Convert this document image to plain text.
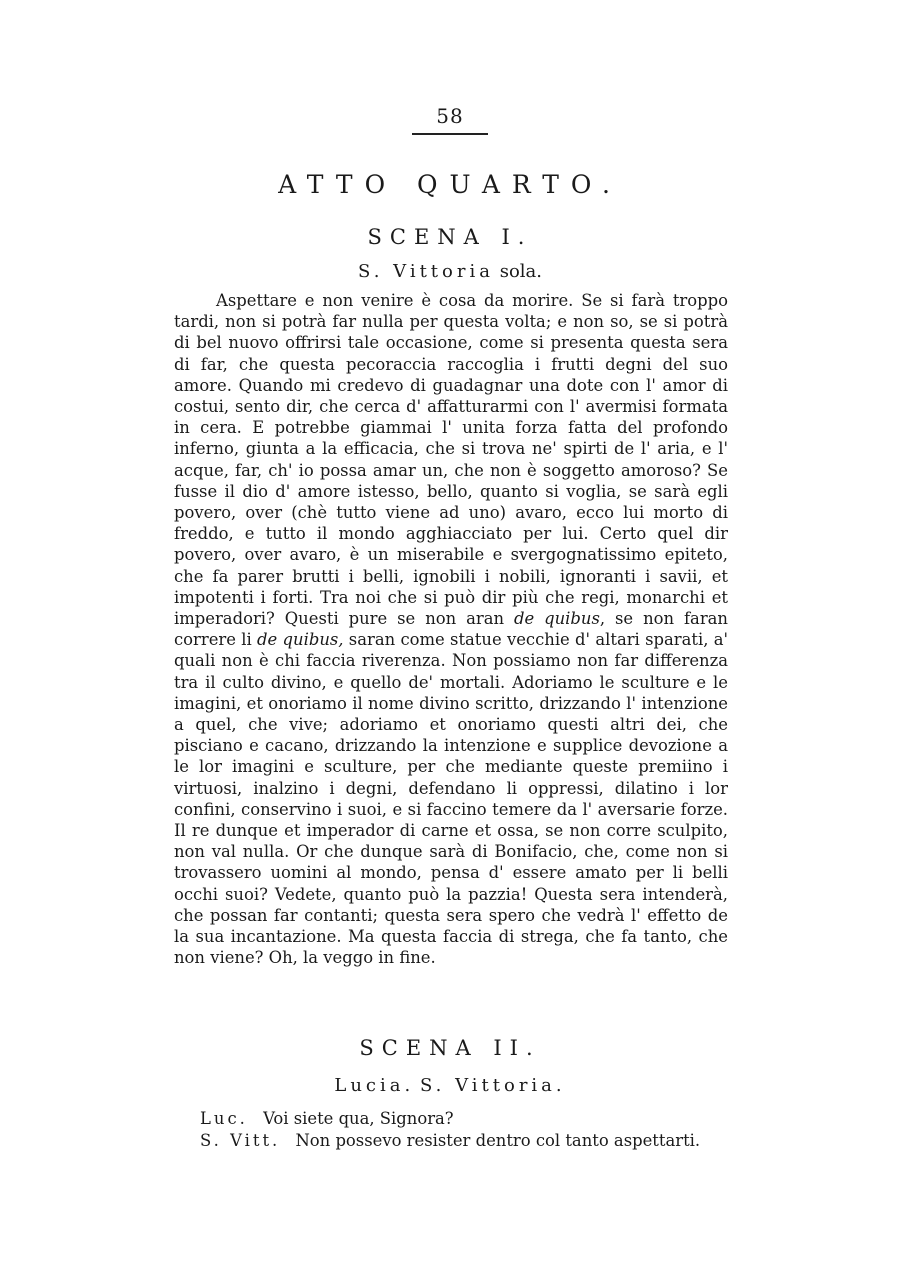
58
ATTO QUARTO.
SCENA I.
S. Vittoria sola.

Aspettare e non venire è cosa da morire. Se si farà troppo tardi, non si potrà far nulla per questa volta; e non so, se si potrà di bel nuovo offrirsi tale occasione, come si presenta questa sera di far, che questa pecoraccia raccoglia i frutti degni del suo amore. Quando mi credevo di guadagnar una dote con l' amor di costui, sento dir, che cerca d' affatturarmi con l' avermisi formata in cera. E potrebbe giammai l' unita forza fatta del profondo inferno, giunta a la efficacia, che si trova ne' spirti de l' aria, e l' acque, far, ch' io possa amar un, che non è soggetto amoroso? Se fusse il dio d' amore istesso, bello, quanto si voglia, se sarà egli povero, over (chè tutto viene ad uno) avaro, ecco lui morto di freddo, e tutto il mondo agghiacciato per lui. Certo quel dir povero, over avaro, è un miserabile e svergognatissimo epiteto, che fa parer brutti i belli, ignobili i nobili, ignoranti i savii, et impotenti i forti. Tra noi che si può dir più che regi, monarchi et imperadori? Questi pure se non aran de quibus, se non faran correre li de quibus, saran come statue vecchie d' altari sparati, a' quali non è chi faccia riverenza. Non possiamo non far differenza tra il culto divino, e quello de' mortali. Adoriamo le sculture e le imagini, et onoriamo il nome divino scritto, drizzando l' intenzione a quel, che vive; adoriamo et onoriamo questi altri dei, che pisciano e cacano, drizzando la intenzione e supplice devozione a le lor imagini e sculture, per che mediante queste premiino i virtuosi, inalzino i degni, defendano li oppressi, dilatino i lor confini, conservino i suoi, e si faccino temere da l' aversarie forze. Il re dunque et imperador di carne et ossa, se non corre sculpito, non val nulla. Or che dunque sarà di Bonifacio, che, come non si trovassero uomini al mondo, pensa d' essere amato per li belli occhi suoi? Vedete, quanto può la pazzia! Questa sera intenderà, che possan far contanti; questa sera spero che vedrà l' effetto de la sua incantazione. Ma questa faccia di strega, che fa tanto, che non viene? Oh, la veggo in fine.

SCENA II.
Lucia. S. Vittoria.
Luc. Voi siete qua, Signora?
S. Vitt. Non possevo resister dentro col tanto aspettarti.
